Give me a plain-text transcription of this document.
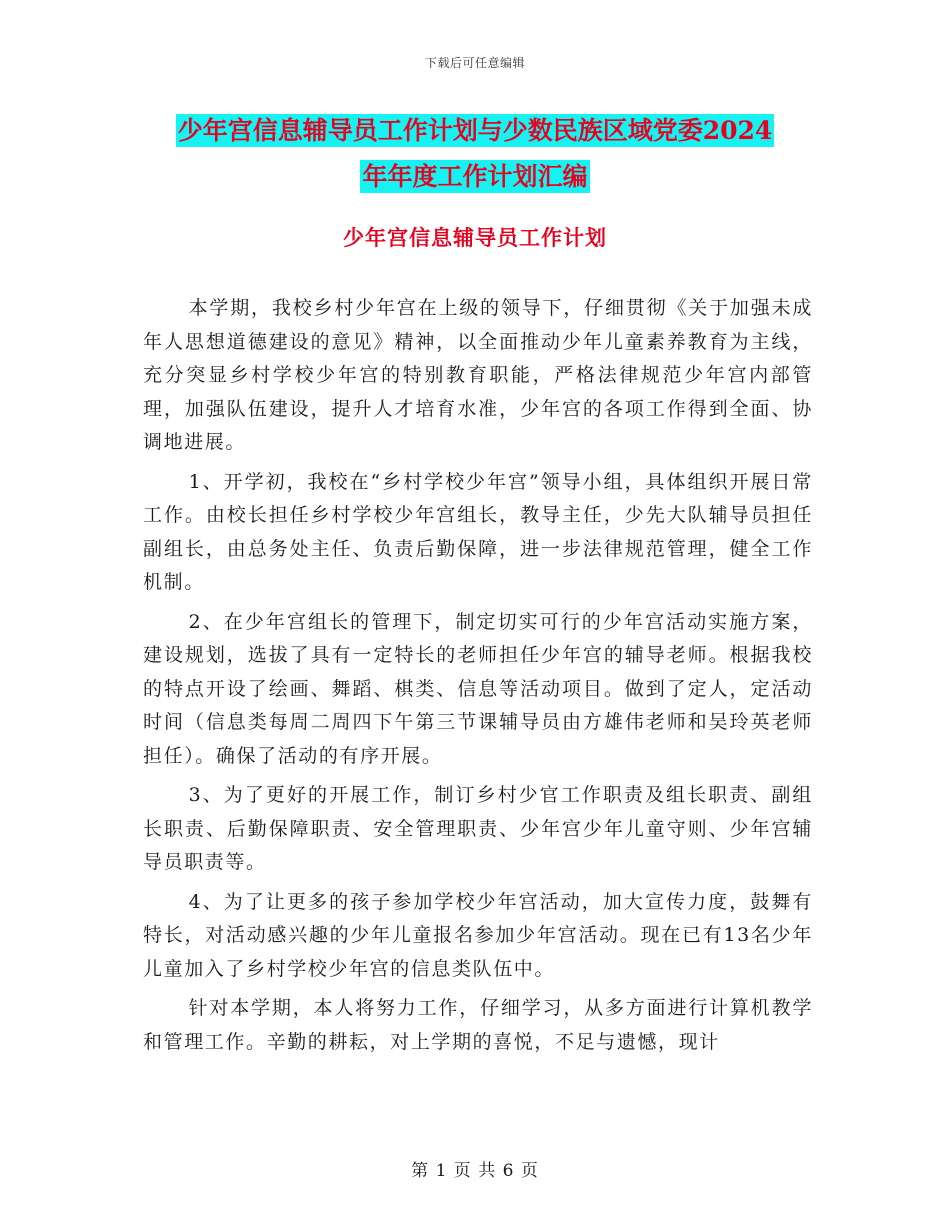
下载后可任意编辑
少年宫信息辅导员工作计划与少数民族区域党委2024
年年度工作计划汇编
少年宫信息辅导员工作计划

本学期，我校乡村少年宫在上级的领导下，仔细贯彻《关于加强未成年人思想道德建设的意见》精神，以全面推动少年儿童素养教育为主线，充分突显乡村学校少年宫的特别教育职能，严格法律规范少年宫内部管理，加强队伍建设，提升人才培育水准，少年宫的各项工作得到全面、协调地进展。

1、开学初，我校在“乡村学校少年宫”领导小组，具体组织开展日常工作。由校长担任乡村学校少年宫组长，教导主任，少先大队辅导员担任副组长，由总务处主任、负责后勤保障，进一步法律规范管理，健全工作机制。

2、在少年宫组长的管理下，制定切实可行的少年宫活动实施方案，建设规划，选拔了具有一定特长的老师担任少年宫的辅导老师。根据我校的特点开设了绘画、舞蹈、棋类、信息等活动项目。做到了定人，定活动时间（信息类每周二周四下午第三节课辅导员由方雄伟老师和吴玲英老师担任）。确保了活动的有序开展。

3、为了更好的开展工作，制订乡村少官工作职责及组长职责、副组长职责、后勤保障职责、安全管理职责、少年宫少年儿童守则、少年宫辅导员职责等。

4、为了让更多的孩子参加学校少年宫活动，加大宣传力度，鼓舞有特长，对活动感兴趣的少年儿童报名参加少年宫活动。现在已有13名少年儿童加入了乡村学校少年宫的信息类队伍中。

针对本学期，本人将努力工作，仔细学习，从多方面进行计算机教学和管理工作。辛勤的耕耘，对上学期的喜悦，不足与遗憾，现计

第 1 页 共 6 页
